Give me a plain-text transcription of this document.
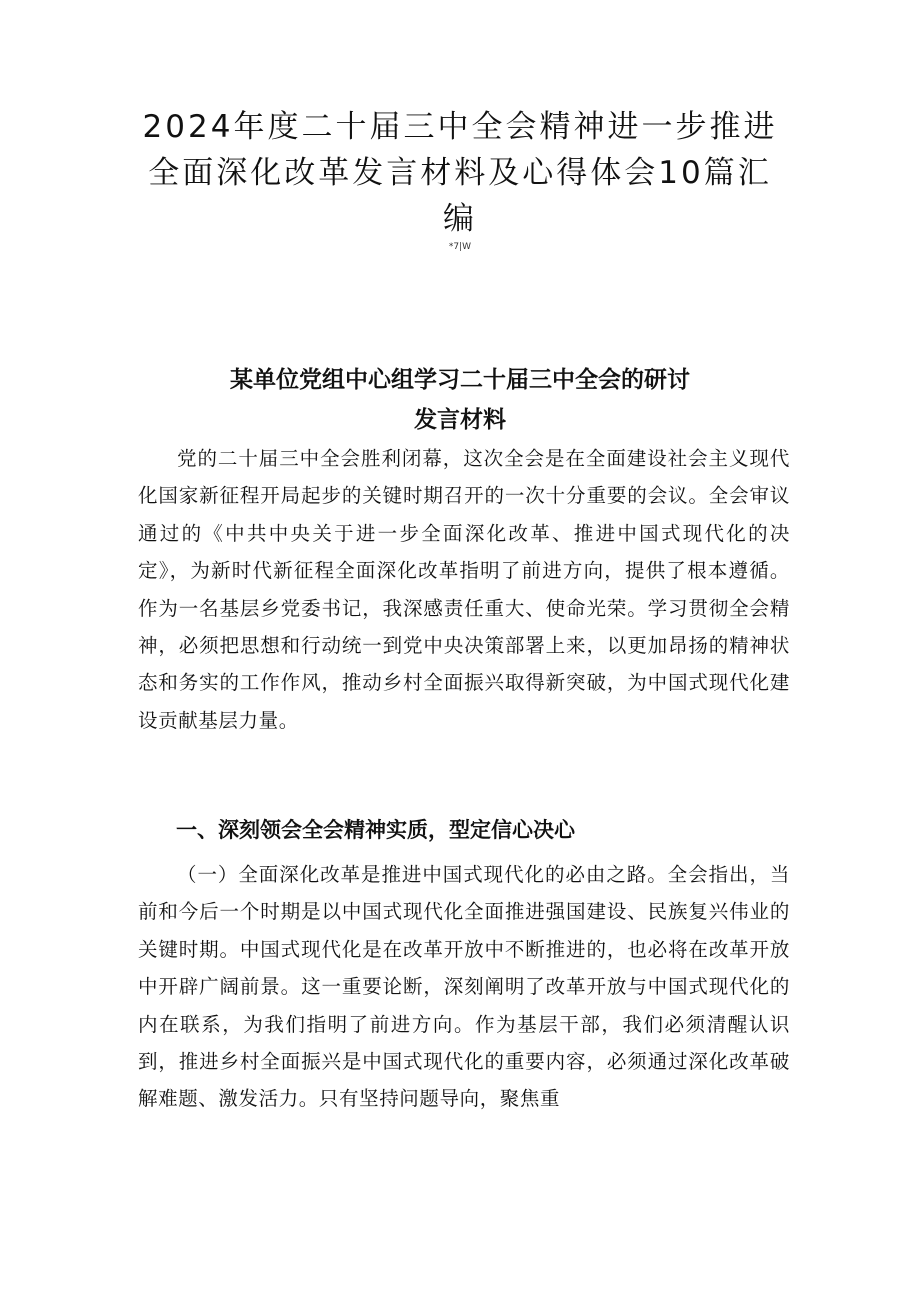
2024年度二十届三中全会精神进一步推进
全面深化改革发言材料及心得体会10篇汇
编
*7|W
某单位党组中心组学习二十届三中全会的研讨
发言材料

党的二十届三中全会胜利闭幕，这次全会是在全面建设社会主义现代化国家新征程开局起步的关键时期召开的一次十分重要的会议。全会审议通过的《中共中央关于进一步全面深化改革、推进中国式现代化的决定》，为新时代新征程全面深化改革指明了前进方向，提供了根本遵循。作为一名基层乡党委书记，我深感责任重大、使命光荣。学习贯彻全会精神，必须把思想和行动统一到党中央决策部署上来，以更加昂扬的精神状态和务实的工作作风，推动乡村全面振兴取得新突破，为中国式现代化建设贡献基层力量。

一、深刻领会全会精神实质，型定信心决心

（一）全面深化改革是推进中国式现代化的必由之路。全会指出，当前和今后一个时期是以中国式现代化全面推进强国建设、民族复兴伟业的关键时期。中国式现代化是在改革开放中不断推进的，也必将在改革开放中开辟广阔前景。这一重要论断，深刻阐明了改革开放与中国式现代化的内在联系，为我们指明了前进方向。作为基层干部，我们必须清醒认识到，推进乡村全面振兴是中国式现代化的重要内容，必须通过深化改革破解难题、激发活力。只有坚持问题导向，聚焦重
